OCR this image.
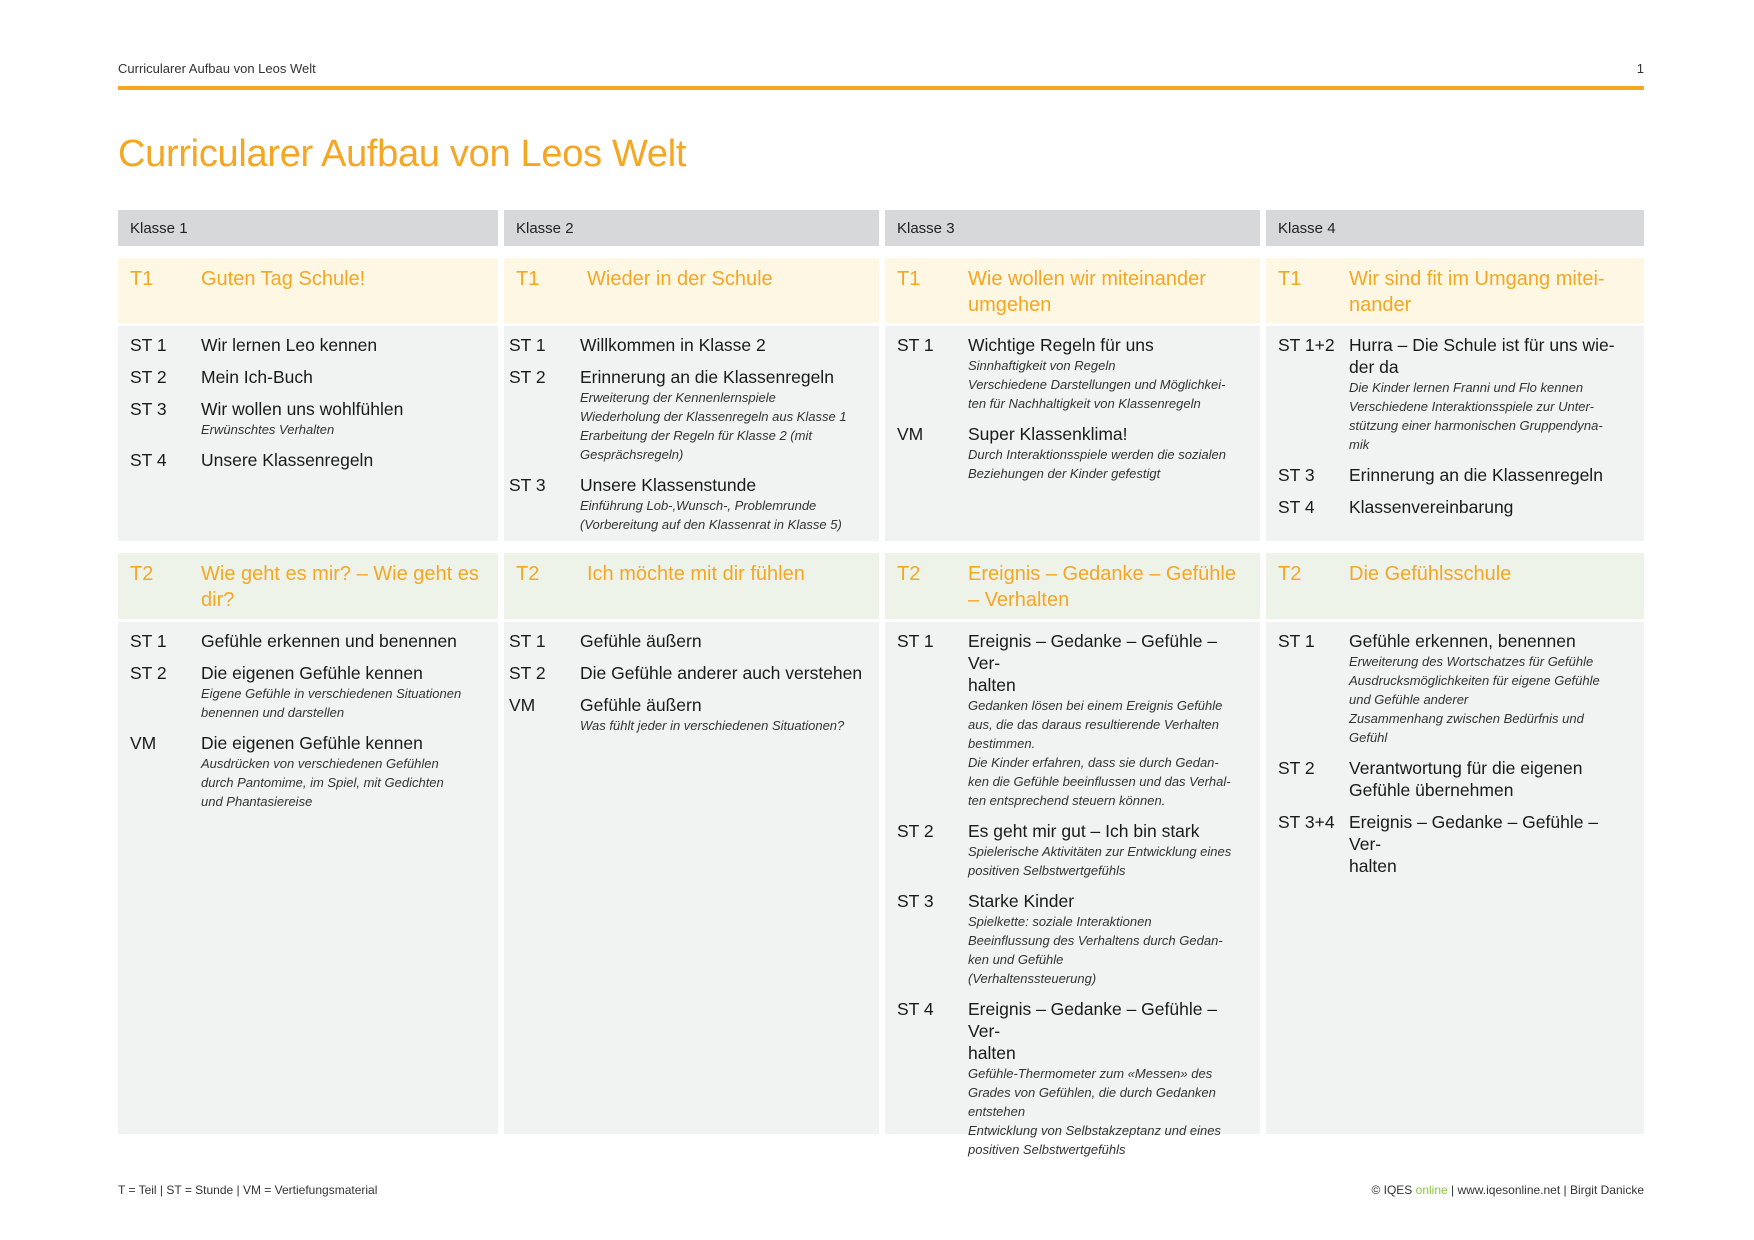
Curricularer Aufbau von Leos Welt	1
Curricularer Aufbau von Leos Welt
Klasse 1
T1	Guten Tag Schule!
ST 1	Wir lernen Leo kennen
ST 2	Mein Ich-Buch
ST 3	Wir wollen uns wohlfühlen
Erwünschtes Verhalten
ST 4	Unsere Klassenregeln
T2	Wie geht es mir? – Wie geht es dir?
ST 1	Gefühle erkennen und benennen
ST 2	Die eigenen Gefühle kennen
Eigene Gefühle in verschiedenen Situationen
benennen und darstellen
VM	Die eigenen Gefühle kennen
Ausdrücken von verschiedenen Gefühlen
durch Pantomime, im Spiel, mit Gedichten
und Phantasiereise
Klasse 2
T1	Wieder in der Schule
ST 1	Willkommen in Klasse 2
ST 2	Erinnerung an die Klassenregeln
Erweiterung der Kennenlernspiele
Wiederholung der Klassenregeln aus Klasse 1
Erarbeitung der Regeln für Klasse 2 (mit
Gesprächsregeln)
ST 3	Unsere Klassenstunde
Einführung Lob-,Wunsch-, Problemrunde
(Vorbereitung auf den Klassenrat in Klasse 5)
T2	Ich möchte mit dir fühlen
ST 1	Gefühle äußern
ST 2	Die Gefühle anderer auch verstehen
VM	Gefühle äußern
Was fühlt jeder in verschiedenen Situationen?
Klasse 3
T1	Wie wollen wir miteinander umgehen
ST 1	Wichtige Regeln für uns
Sinnhaftigkeit von Regeln
Verschiedene Darstellungen und Möglichkei-
ten für Nachhaltigkeit von Klassenregeln
VM	Super Klassenklima!
Durch Interaktionsspiele werden die sozialen
Beziehungen der Kinder gefestigt
T2	Ereignis – Gedanke – Gefühle – Verhalten
ST 1	Ereignis – Gedanke – Gefühle – Ver-
halten
Gedanken lösen bei einem Ereignis Gefühle
aus, die das daraus resultierende Verhalten
bestimmen.
Die Kinder erfahren, dass sie durch Gedan-
ken die Gefühle beeinflussen und das Verhal-
ten entsprechend steuern können.
ST 2	Es geht mir gut – Ich bin stark
Spielerische Aktivitäten zur Entwicklung eines
positiven Selbstwertgefühls
ST 3	Starke Kinder
Spielkette: soziale Interaktionen
Beeinflussung des Verhaltens durch Gedan-
ken und Gefühle
(Verhaltenssteuerung)
ST 4	Ereignis – Gedanke – Gefühle – Ver-
halten
Gefühle-Thermometer zum «Messen» des
Grades von Gefühlen, die durch Gedanken
entstehen
Entwicklung von Selbstakzeptanz und eines
positiven Selbstwertgefühls
Klasse 4
T1	Wir sind fit im Umgang mitei-
nander
ST 1+2 Hurra – Die Schule ist für uns wie-
der da
Die Kinder lernen Franni und Flo kennen
Verschiedene Interaktionsspiele zur Unter-
stützung einer harmonischen Gruppendyna-
mik
ST 3	Erinnerung an die Klassenregeln
ST 4	Klassenvereinbarung
T2	Die Gefühlsschule
ST 1	Gefühle erkennen, benennen
Erweiterung des Wortschatzes für Gefühle
Ausdrucksmöglichkeiten für eigene Gefühle
und Gefühle anderer
Zusammenhang zwischen Bedürfnis und
Gefühl
ST 2	Verantwortung für die eigenen
Gefühle übernehmen
ST 3+4 Ereignis – Gedanke – Gefühle – Ver-
halten
T = Teil | ST = Stunde | VM = Vertiefungsmaterial	© IQES online | www.iqesonline.net | Birgit Danicke
